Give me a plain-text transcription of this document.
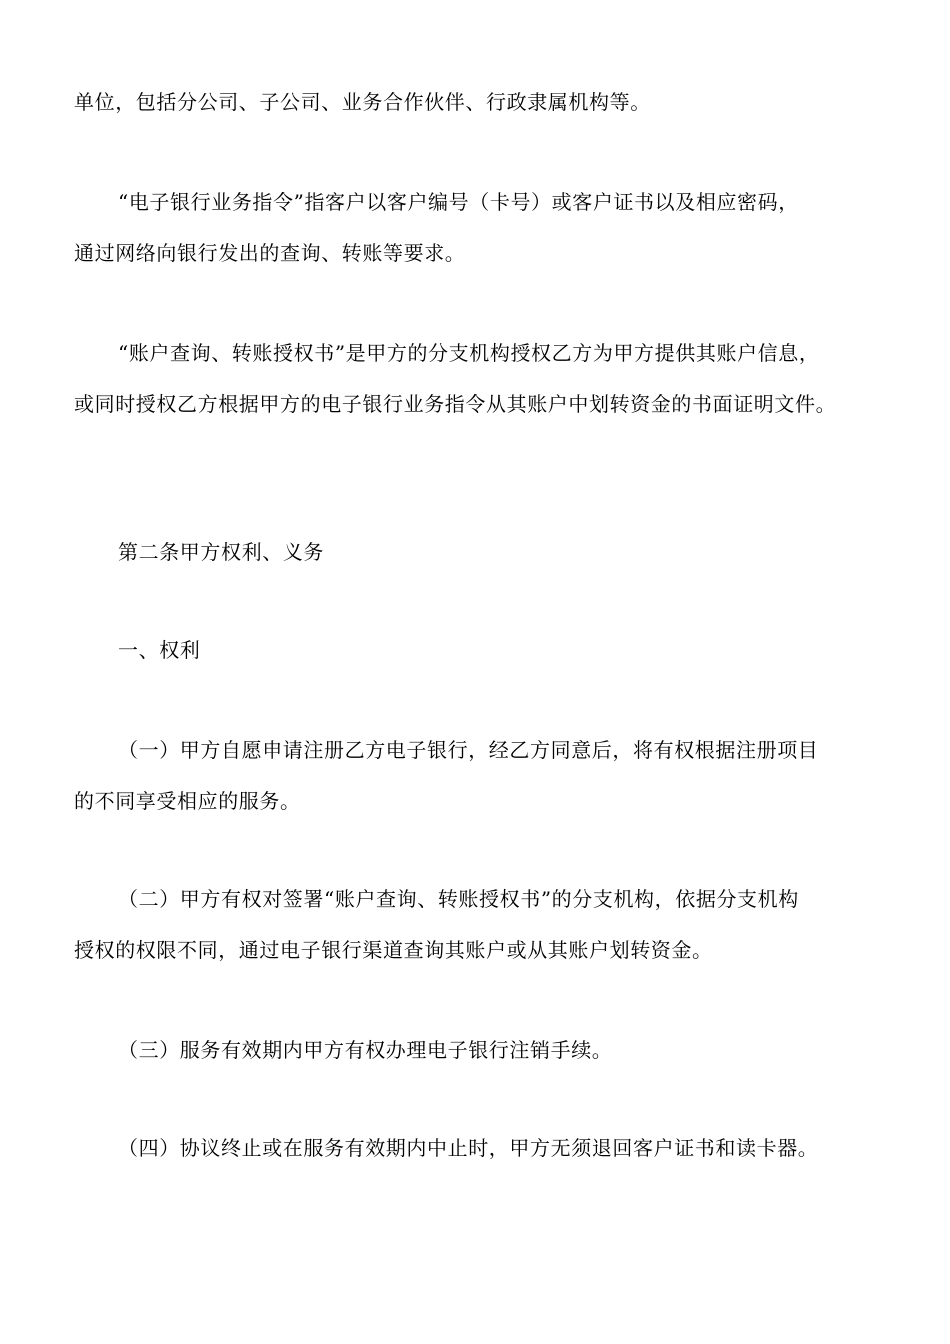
单位，包括分公司、子公司、业务合作伙伴、行政隶属机构等。
“电子银行业务指令”指客户以客户编号（卡号）或客户证书以及相应密码，
通过网络向银行发出的查询、转账等要求。
“账户查询、转账授权书”是甲方的分支机构授权乙方为甲方提供其账户信息，
或同时授权乙方根据甲方的电子银行业务指令从其账户中划转资金的书面证明文件。
第二条甲方权利、义务
一、权利
（一）甲方自愿申请注册乙方电子银行，经乙方同意后，将有权根据注册项目
的不同享受相应的服务。
（二）甲方有权对签署“账户查询、转账授权书”的分支机构，依据分支机构
授权的权限不同，通过电子银行渠道查询其账户或从其账户划转资金。
（三）服务有效期内甲方有权办理电子银行注销手续。
（四）协议终止或在服务有效期内中止时，甲方无须退回客户证书和读卡器。
